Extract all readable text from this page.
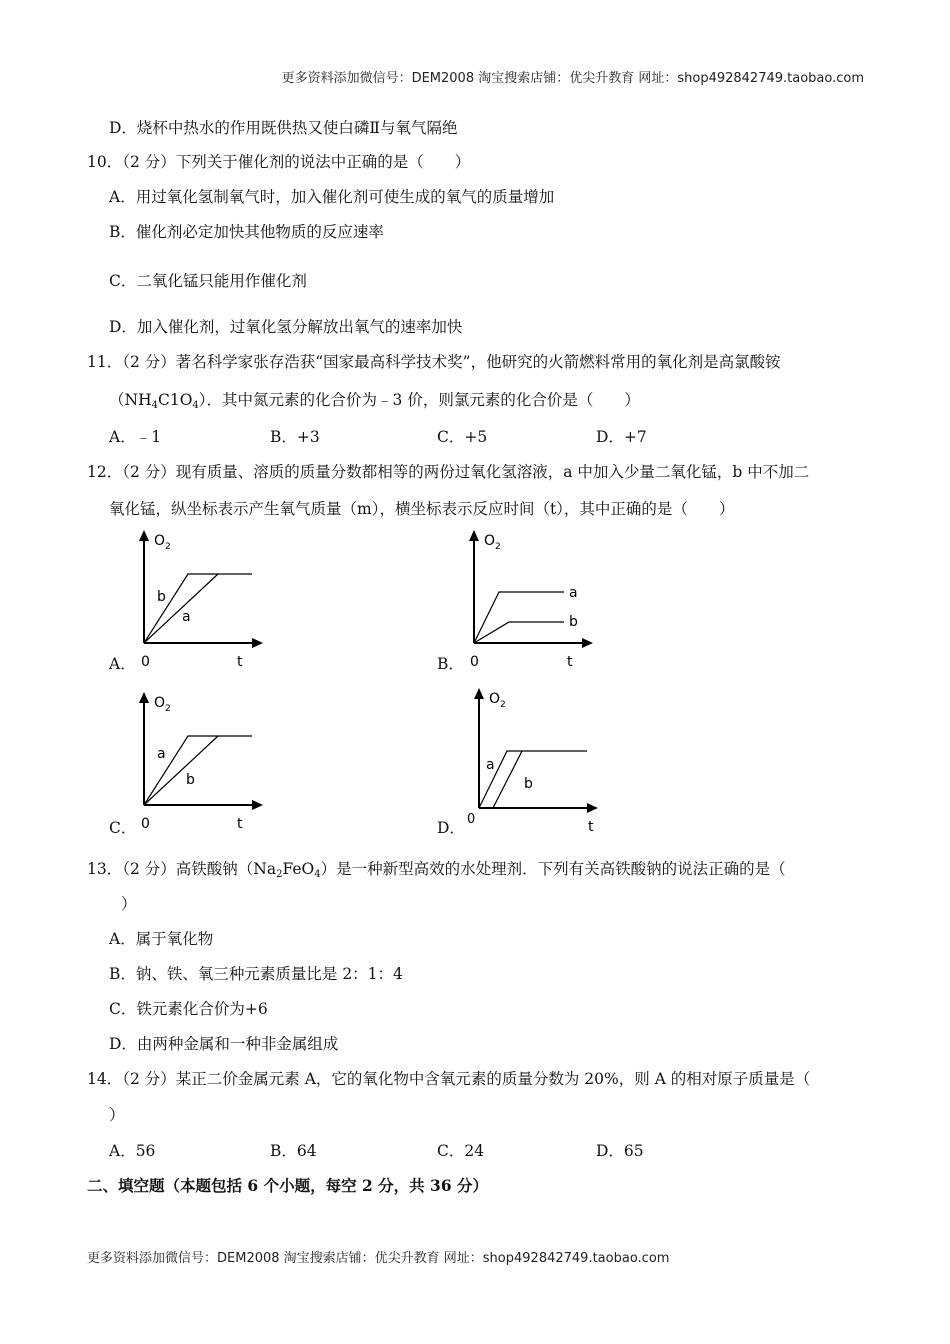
更多资料添加微信号：DEM2008 淘宝搜索店铺：优尖升教育 网址：shop492842749.taobao.com
D．烧杯中热水的作用既供热又使白磷Ⅱ与氧气隔绝
10．（2 分）下列关于催化剂的说法中正确的是（　　）
A．用过氧化氢制氧气时，加入催化剂可使生成的氧气的质量增加
B．催化剂必定加快其他物质的反应速率
C．二氧化锰只能用作催化剂
D．加入催化剂，过氧化氢分解放出氧气的速率加快
11．（2 分）著名科学家张存浩获“国家最高科学技术奖”，他研究的火箭燃料常用的氧化剂是高氯酸铵
$(NH_4C1O_4)$．其中氮元素的化合价为﹣3 价，则氯元素的化合价是（　　）
A．﹣1	B．+3	C．+5	D．+7
12．（2 分）现有质量、溶质的质量分数都相等的两份过氧化氢溶液，a 中加入少量二氧化锰，b 中不加二
氧化锰，纵坐标表示产生氧气质量（m），横坐标表示反应时间（t），其中正确的是（　　）
A．
$O_2$
b
a
0	t	B．
$O_2$
a
b
0	t
C．
$O_2$
a
b
0	t	D．
$O_2$
a
b
0	t
13．（2 分）高铁酸钠$(Na_2FeO_4)$是一种新型高效的水处理剂．下列有关高铁酸钠的说法正确的是（
）
A．属于氧化物
B．钠、铁、氧三种元素质量比是 2：1：4
C．铁元素化合价为+6
D．由两种金属和一种非金属组成
14．（2 分）某正二价金属元素 A，它的氧化物中含氧元素的质量分数为 20%，则 A 的相对原子质量是（
）
A．56	B．64	C．24	D．65
二、填空题（本题包括 6 个小题，每空 2 分，共 36 分）
更多资料添加微信号：DEM2008 淘宝搜索店铺：优尖升教育 网址：shop492842749.taobao.com
